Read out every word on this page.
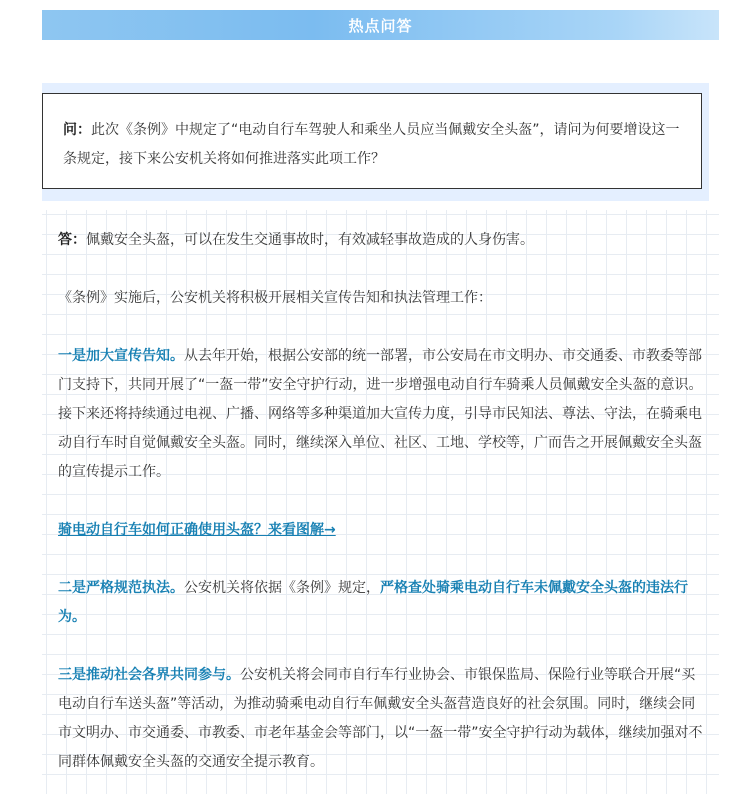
热点问答

问：此次《条例》中规定了“电动自行车驾驶人和乘坐人员应当佩戴安全头盔”，请问为何要增设这一条规定，接下来公安机关将如何推进落实此项工作？

答：佩戴安全头盔，可以在发生交通事故时，有效减轻事故造成的人身伤害。

《条例》实施后，公安机关将积极开展相关宣传告知和执法管理工作：

一是加大宣传告知。从去年开始，根据公安部的统一部署，市公安局在市文明办、市交通委、市教委等部门支持下，共同开展了“一盔一带”安全守护行动，进一步增强电动自行车骑乘人员佩戴安全头盔的意识。接下来还将持续通过电视、广播、网络等多种渠道加大宣传力度，引导市民知法、尊法、守法，在骑乘电动自行车时自觉佩戴安全头盔。同时，继续深入单位、社区、工地、学校等，广而告之开展佩戴安全头盔的宣传提示工作。

骑电动自行车如何正确使用头盔？来看图解→

二是严格规范执法。公安机关将依据《条例》规定，严格查处骑乘电动自行车未佩戴安全头盔的违法行为。

三是推动社会各界共同参与。公安机关将会同市自行车行业协会、市银保监局、保险行业等联合开展“买电动自行车送头盔”等活动，为推动骑乘电动自行车佩戴安全头盔营造良好的社会氛围。同时，继续会同市文明办、市交通委、市教委、市老年基金会等部门，以“一盔一带”安全守护行动为载体，继续加强对不同群体佩戴安全头盔的交通安全提示教育。
